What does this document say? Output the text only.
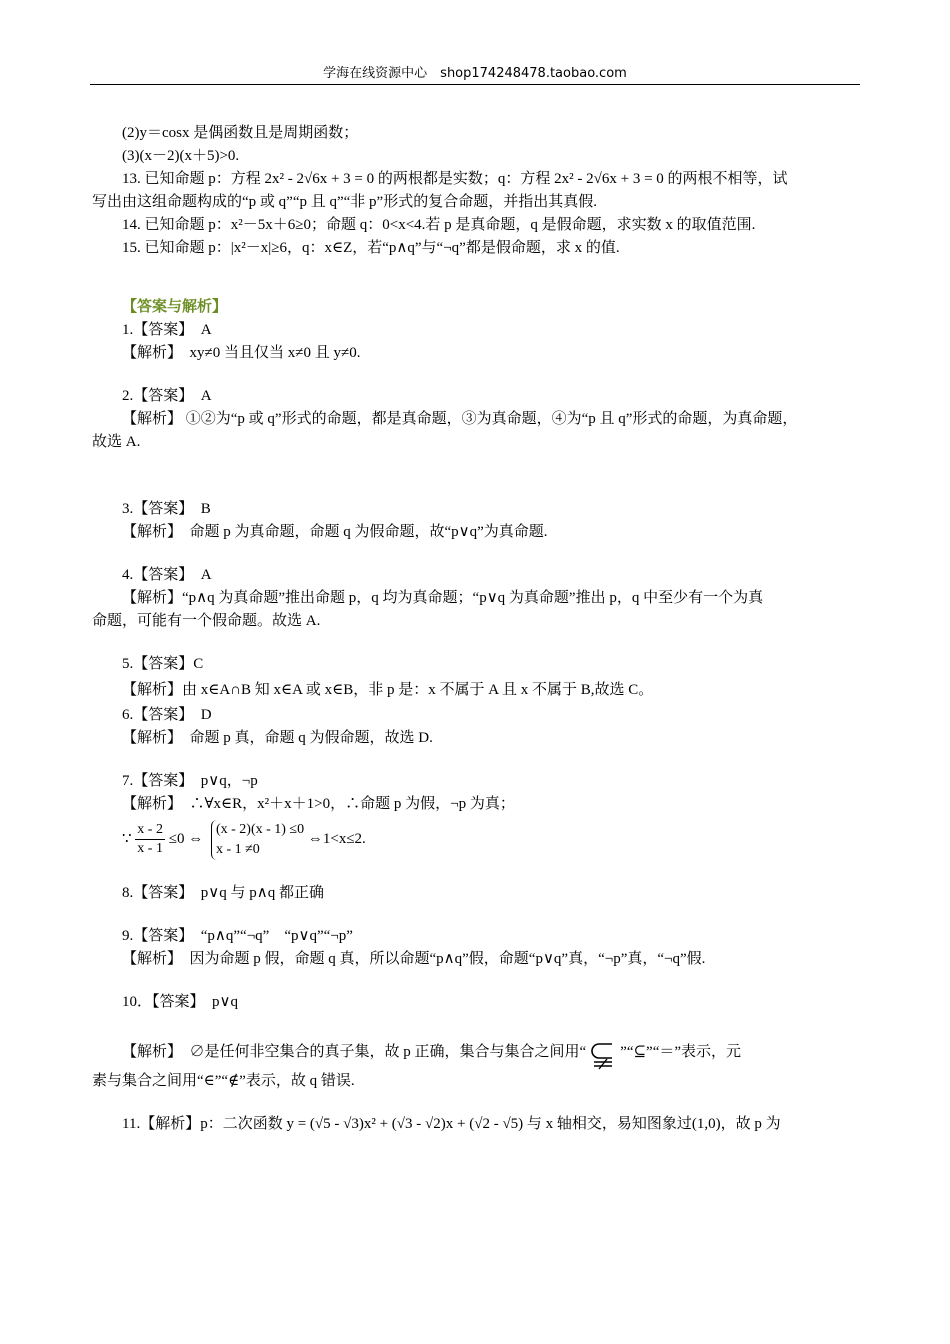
学海在线资源中心　shop174248478.taobao.com

(2)y＝cosx 是偶函数且是周期函数；

(3)(x－2)(x＋5)>0.

13. 已知命题 p：方程 2x² - 2√6x + 3 = 0 的两根都是实数；q：方程 2x² - 2√6x + 3 = 0 的两根不相等，试

写出由这组命题构成的“p 或 q”“p 且 q”“非 p”形式的复合命题，并指出其真假.

14. 已知命题 p：x²－5x＋6≥0；命题 q：0<x<4.若 p 是真命题，q 是假命题，求实数 x 的取值范围.

15. 已知命题 p：|x²－x|≥6，q：x∈Z，若“p∧q”与“¬q”都是假命题，求 x 的值.

【答案与解析】

1.【答案】　A

【解析】　xy≠0 当且仅当 x≠0 且 y≠0.

2.【答案】　A

【解析】 ①②为“p 或 q”形式的命题，都是真命题，③为真命题，④为“p 且 q”形式的命题，为真命题，

故选 A.

3.【答案】　B

【解析】　命题 p 为真命题，命题 q 为假命题，故“p∨q”为真命题.

4.【答案】　A

【解析】“p∧q 为真命题”推出命题 p，q 均为真命题；“p∨q 为真命题”推出 p，q 中至少有一个为真

命题，可能有一个假命题。故选 A.

5.【答案】C

【解析】由 x∈A∩B 知 x∈A 或 x∈B，非 p 是：x 不属于 A 且 x 不属于 B,故选 C。

6.【答案】　D

【解析】　命题 p 真，命题 q 为假命题，故选 D.

7.【答案】　p∨q，¬p

【解析】　∴∀x∈R，x²＋x＋1>0，∴命题 p 为假，¬p 为真；

∵ $\frac{x - 2}{x - 1} \le 0$ ⇔
(x - 2)(x - 1) ≤0
x - 1 ≠0
⇔1<x≤2.

8.【答案】　p∨q 与 p∧q 都正确

9.【答案】　“p∧q”“¬q”　“p∨q”“¬p”

【解析】　因为命题 p 假，命题 q 真，所以命题“p∧q”假，命题“p∨q”真，“¬p”真，“¬q”假.

10．【答案】　p∨q

【解析】　∅是任何非空集合的真子集，故 p 正确，集合与集合之间用“ ”“⊆”“＝”表示，元

素与集合之间用“∈”“∉”表示，故 q 错误.

11.【解析】p：二次函数 y = (√5 - √3)x² + (√3 - √2)x + (√2 - √5) 与 x 轴相交，易知图象过(1,0)，故 p 为
